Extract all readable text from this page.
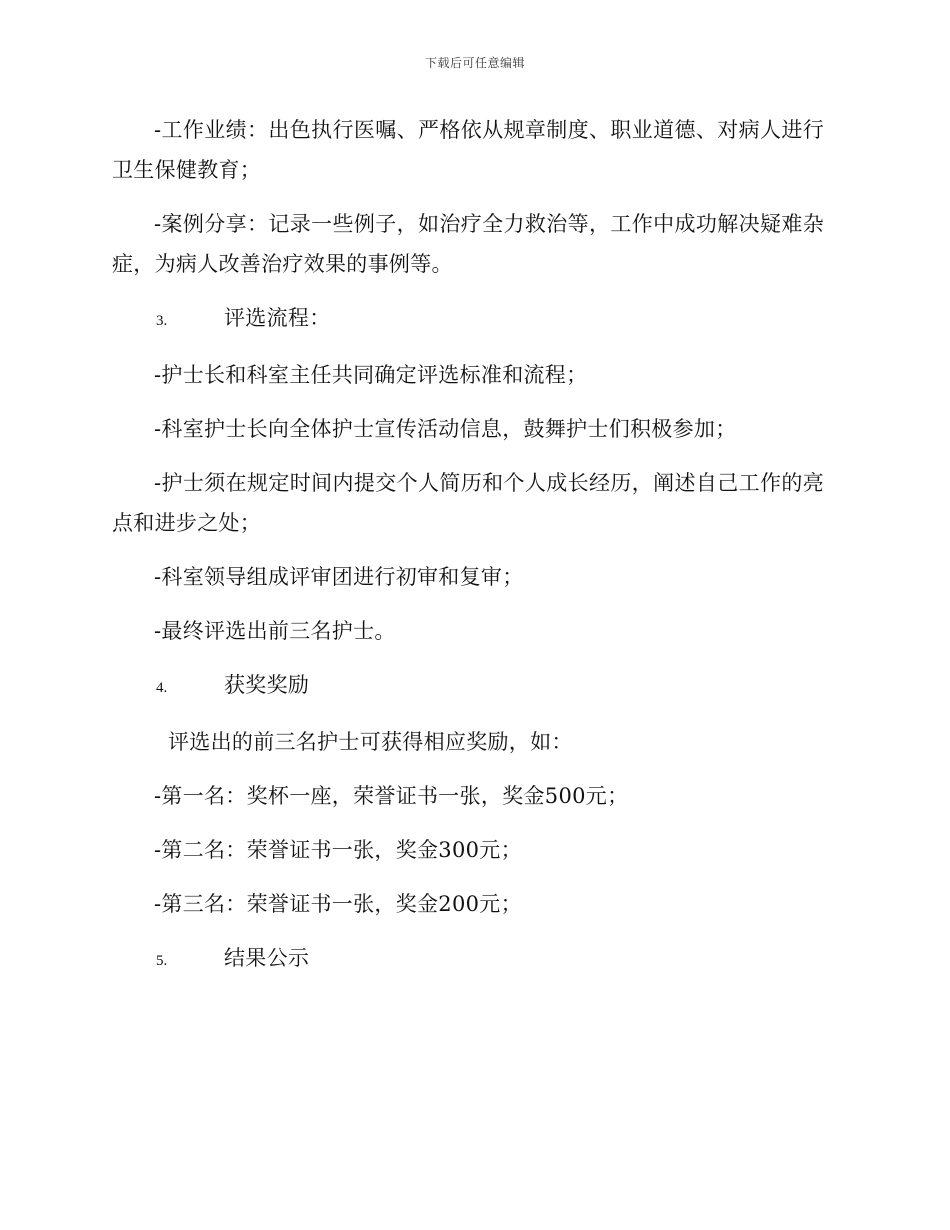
下载后可任意编辑

-工作业绩：出色执行医嘱、严格依从规章制度、职业道德、对病人进行卫生保健教育；

-案例分享：记录一些例子，如治疗全力救治等，工作中成功解决疑难杂症，为病人改善治疗效果的事例等。

3.	评选流程：

-护士长和科室主任共同确定评选标准和流程；

-科室护士长向全体护士宣传活动信息，鼓舞护士们积极参加；

-护士须在规定时间内提交个人简历和个人成长经历，阐述自己工作的亮点和进步之处；

-科室领导组成评审团进行初审和复审；

-最终评选出前三名护士。

4.	获奖奖励

评选出的前三名护士可获得相应奖励，如：

-第一名：奖杯一座，荣誉证书一张，奖金500元；

-第二名：荣誉证书一张，奖金300元；

-第三名：荣誉证书一张，奖金200元；

5.	结果公示
